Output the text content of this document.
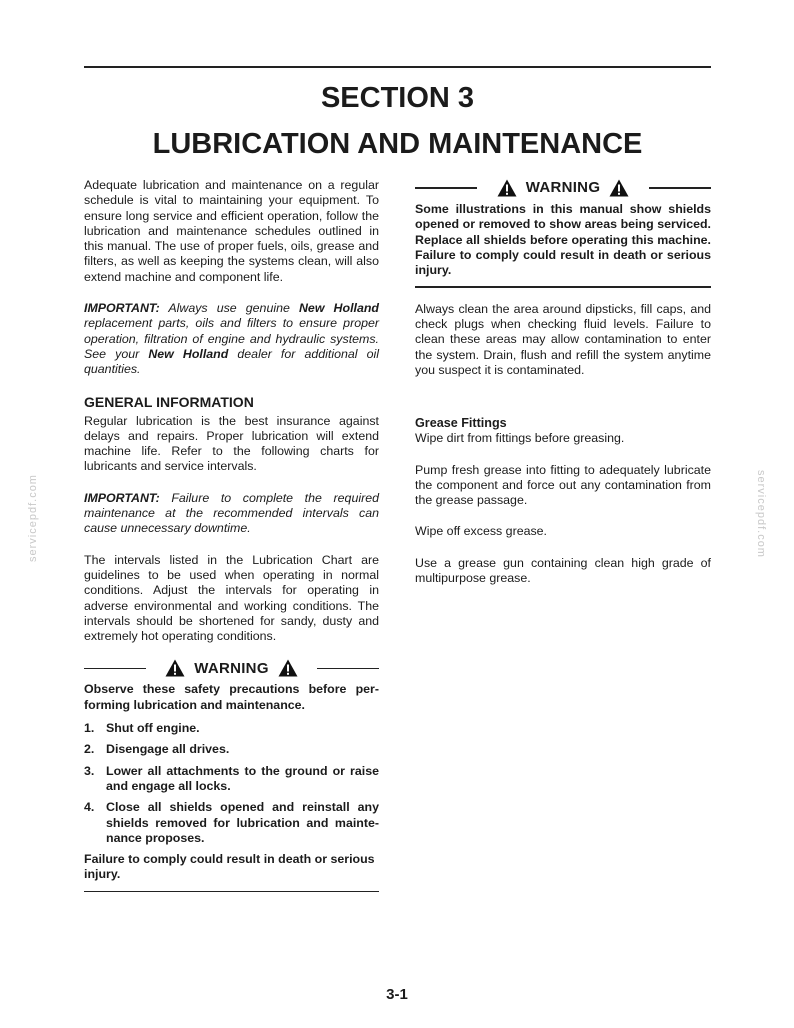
SECTION 3
LUBRICATION AND MAINTENANCE

Adequate lubrication and maintenance on a regular schedule is vital to maintaining your equipment. To ensure long service and efficient operation, follow the lubrication and maintenance schedules outlined in this manual. The use of proper fuels, oils, grease and filters, as well as keeping the systems clean, will also extend machine and component life.

IMPORTANT: Always use genuine New Holland replacement parts, oils and filters to ensure proper operation, filtration of engine and hydraulic systems. See your New Holland dealer for additional oil quantities.

GENERAL INFORMATION

Regular lubrication is the best insurance against delays and repairs. Proper lubrication will extend machine life. Refer to the following charts for lubricants and service intervals.

IMPORTANT: Failure to complete the required maintenance at the recommended intervals can cause unnecessary downtime.

The intervals listed in the Lubrication Chart are guidelines to be used when operating in normal conditions. Adjust the intervals for operating in adverse environmental and working conditions. The intervals should be shortened for sandy, dusty and extremely hot operating conditions.

WARNING

Observe these safety precautions before per-forming lubrication and maintenance.

1. Shut off engine.
2. Disengage all drives.
3. Lower all attachments to the ground or raise and engage all locks.
4. Close all shields opened and reinstall any shields removed for lubrication and mainte-nance proposes.

Failure to comply could result in death or serious injury.

WARNING

Some illustrations in this manual show shields opened or removed to show areas being serviced. Replace all shields before operating this machine. Failure to comply could result in death or serious injury.

Always clean the area around dipsticks, fill caps, and check plugs when checking fluid levels. Failure to clean these areas may allow contamination to enter the system. Drain, flush and refill the system anytime you suspect it is contaminated.

Grease Fittings

Wipe dirt from fittings before greasing.

Pump fresh grease into fitting to adequately lubricate the component and force out any contamination from the grease passage.

Wipe off excess grease.

Use a grease gun containing clean high grade of multipurpose grease.

servicepdf.com	servicepdf.com
3-1
